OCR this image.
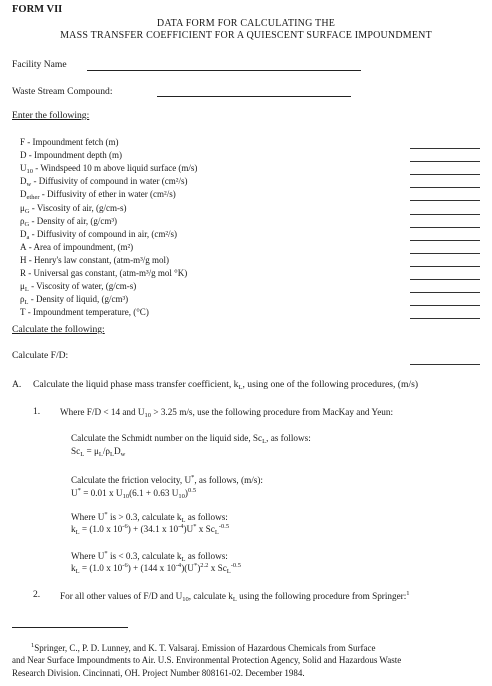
FORM VII
DATA FORM FOR CALCULATING THE
MASS TRANSFER COEFFICIENT FOR A QUIESCENT SURFACE IMPOUNDMENT
Facility Name
Waste Stream Compound:
Enter the following:
F - Impoundment fetch (m)
D - Impoundment depth (m)
$U_{10}$ - Windspeed 10 m above liquid surface (m/s)
$D_w$ - Diffusivity of compound in water (cm²/s)
$D_{ether}$ - Diffusivity of ether in water (cm²/s)
$\mu_G$ - Viscosity of air, (g/cm-s)
$\rho_G$ - Density of air, (g/cm³)
$D_a$ - Diffusivity of compound in air, (cm²/s)
A - Area of impoundment, (m²)
H - Henry's law constant, (atm-m³/g mol)
R - Universal gas constant, (atm-m³/g mol °K)
$\mu_L$ - Viscosity of water, (g/cm-s)
$\rho_L$ - Density of liquid, (g/cm³)
T - Impoundment temperature, (°C)
Calculate the following:
Calculate F/D:
A. Calculate the liquid phase mass transfer coefficient, $k_L$, using one of the following procedures, (m/s)
1. Where F/D < 14 and $U_{10} > 3.25$ m/s, use the following procedure from MacKay and Yeun:
Calculate the Schmidt number on the liquid side, $Sc_L$, as follows:
$Sc_L = \mu_L/\rho_LD_w$
Calculate the friction velocity, U*, as follows, (m/s):
U* = 0.01 x $U_{10}(6.1 + 0.63$ $U_{10})^{0.5}$
Where U* is > 0.3, calculate $k_L$ as follows:
$k_L = (1.0$ x $10^{-6}) + (34.1$ x $10^{-4})U^*$ x $Sc_L^{-0.5}$
Where U* is < 0.3, calculate $k_L$ as follows:
$k_L = (1.0$ x $10^{-6}) + (144$ x $10^{-4})(U^*)^{2.2}$ x $Sc_L^{-0.5}$
2. For all other values of F/D and $U_{10}$, calculate $k_L$ using the following procedure from Springer:$^1$
$^1$Springer, C., P. D. Lunney, and K. T. Valsaraj. Emission of Hazardous Chemicals from Surface
and Near Surface Impoundments to Air. U.S. Environmental Protection Agency, Solid and Hazardous Waste
Research Division. Cincinnati, OH. Project Number 808161-02. December 1984.
